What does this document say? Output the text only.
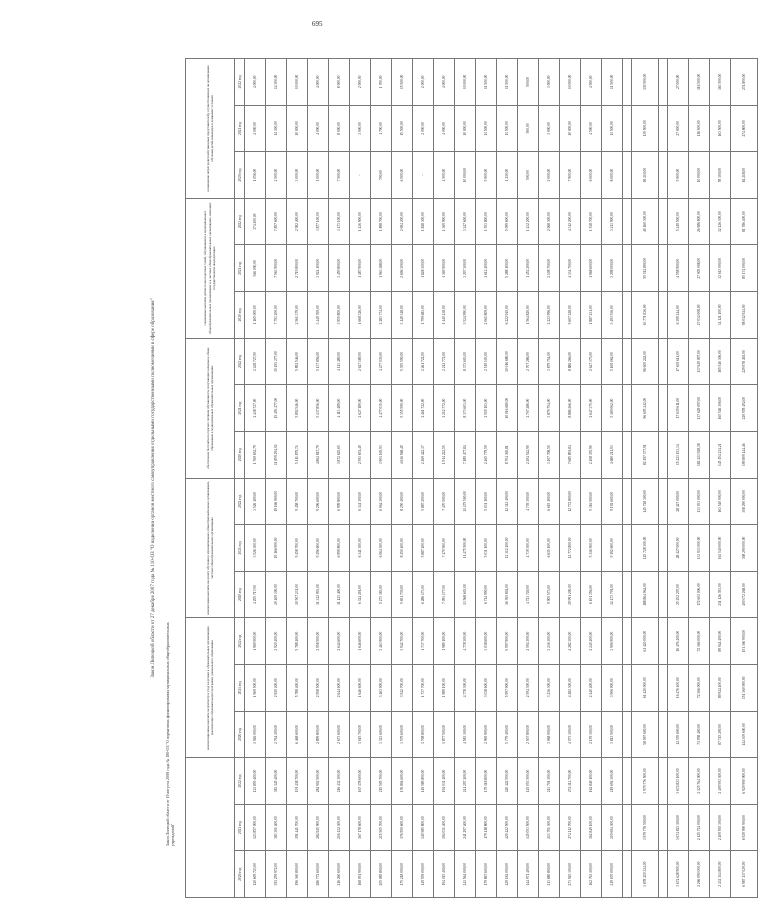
695
Закон Липецкой области от 27 декабря 2007 года № 110-ОЗ "О наделении органов местного самоуправления отдельными государственными полномочиями в сфере образования"
Закон Липецкой области от 19 августа 2008 года № 180-ОЗ "О нормативах финансирования муниципальных общеобразовательных учреждений"
			компенсационные выплаты за присмотр и уход за детьми в образовательных организациях, реализующих образовательную программу дошкольного образования			компенсация выплаты на оплату обучения в муниципальных общеобразовательных организациях, частных общеобразовательных организациях			обеспечение бесплатного горячего питания обучающихся, получающих начальное общее образование в муниципальных образовательных организациях			социальные выплаты детям из многодетных семей, обучающимся в муниципальных общеобразовательных организациях и в частных общеобразовательных организациях, имеющих государственную аккредитацию			возмещение затрат родителей (законных представителей), осуществляющих на организацию обучения детей-инвалидов в домашних условиях		
2020 год	2021 год	2022 год	2020 год	2021 год	2022 год	2020 год	2021 год	2022 год	2020 год	2021 год	2022 год	2020 год	2021 год	2022 год	2020 год	2021 год	2022 год
120 609 723,00	123 857 000,00	123 855 400,00	1 926 000,00	1 969 500,00	1 969 500,00	4 255 717,00	3 526 300,00	3 526 100,00	1 769 652,79	2 438 727,00	2 438 727,00	1 165 000,00	946 000,00	374 200,00	1 056,00	4 000,00	4 000,00
391 259 972,00	383 301 400,00	383 145 400,00	2 764 100,00	2 920 400,00	2 920 400,00	20 409 300,00	19 166 900,00	19 166 900,00	11 859 294,02	15 493 277,00	15 493 277,00	7 793 200,00	7 563 900,00	7 857 600,00	2 500,00	14 300,00	14 300,00
196 360 800,00	191 441 700,00	191 438 700,00	6 468 600,00	5 788 400,00	5 788 400,00	10 507 231,00	9 458 700,00	9 458 700,00	5 111 879,74	5 892 546,00	5 892 546,00	2 561 379,00	2 719 800,00	2 582 400,00	3 000,00	10 000,00	10 000,00
286 772 600,00	284 925 900,00	284 902 500,00	2 899 800,00	2 958 500,00	2 958 500,00	11 322 093,00	9 296 600,00	9 296 600,00	4 862 817,79	5 137 856,00	5 137 856,00	3 449 769,00	3 924 100,00	3 877 100,00	1 000,00	4 000,00	4 000,00
216 260 600,00	216 432 300,00	216 432 300,00	2 673 600,00	2 644 600,00	2 644 600,00	11 123 400,00	6 999 800,00	6 999 800,00	3 872 625,65	4 113 489,00	4 113 489,00	3 955 800,00	3 459 800,00	3 473 100,00	7 500,00	8 000,00	8 000,00
168 051 900,00	167 178 600,00	167 178 600,00	1 615 700,00	1 646 600,00	1 646 600,00	6 324 491,00	6 341 300,00	6 341 300,00	2 593 651,49	2 627 189,00	2 627 189,00	1 668 326,00	1 487 900,00	1 436 900,00	-	3 000,00	2 000,00
205 085 800,00	215 505 700,00	215 505 700,00	3 323 600,00	3 463 900,00	3 463 900,00	5 273 383,00	6 064 300,00	6 064 300,00	3 901 165,93	4 477 035,00	4 477 035,00	2 283 774,00	1 963 388,00	1 898 700,00	700,00	1 700,00	1 700,00
175 218 000,00	176 950 600,00	176 804 600,00	3 579 600,00	3 942 700,00	3 942 700,00	5 651 739,00	8 250 400,00	8 250 400,00	4 636 568,49	5 355 590,00	5 355 590,00	3 149 348,00	2 696 300,00	2 694 200,00	6 500,00	15 500,00	15 500,00
149 559 000,00	149 585 800,00	149 585 800,00	1 708 800,00	1 737 700,00	1 737 700,00	6 286 173,00	5 887 200,00	5 887 200,00	2 269 422,37	2 461 722,00	2 461 722,00	1 799 683,00	1 828 300,00	1 828 300,00	-	2 000,00	2 000,00
194 015 400,00	194 031 400,00	194 031 400,00	1 877 500,00	1 989 100,00	1 989 100,00	7 093 177,00	7 470 500,00	7 470 500,00	1 914 222,55	2 212 772,00	2 212 772,00	1 440 438,00	1 369 900,00	1 369 900,00	4 500,00	4 000,00	4 000,00
241 564 000,00	241 297 400,00	241 297 400,00	4 583 300,00	4 778 300,00	4 778 300,00	13 568 603,00	11 475 500,00	11 475 500,00	7 189 477,84	8 373 603,00	8 373 603,00	3 524 990,00	3 297 300,00	3 247 600,00	10 000,00	10 000,00	10 000,00
179 867 600,00	179 118 800,00	179 118 800,00	2 969 900,00	3 038 600,00	3 038 600,00	6 714 990,00	5 031 100,00	5 031 100,00	2 465 779,59	2 519 103,00	2 519 103,00	2 061 809,00	1 612 400,00	1 553 800,00	5 900,00	11 500,00	11 500,00
429 184 000,00	420 422 500,00	420 422 500,00	5 779 400,00	5 997 900,00	5 997 900,00	16 765 804,00	12 312 400,00	12 312 400,00	8 704 365,81	10 016 680,00	10 016 680,00	6 222 945,00	5 288 100,00	5 099 600,00	1 210,00	11 500,00	11 500,00
144 971 400,00	145 053 500,00	145 053 500,00	2 507 800,00	2 594 300,00	2 594 300,00	4 723 749,00	4 739 300,00	4 739 300,00	2 494 542,90	2 707 286,00	2 707 286,00	1 564 820,00	1 452 200,00	1 432 200,00	500,00	500,00	500,00
213 680 800,00	213 701 300,00	213 701 300,00	3 068 000,00	3 236 300,00	3 236 300,00	9 905 573,00	6 615 100,00	6 615 100,00	3 107 708,50	3 879 754,00	3 879 754,00	2 223 996,00	2 108 700,00	2 068 300,00	2 000,00	3 000,00	3 000,00
273 945 300,00	274 112 700,00	274 112 700,00	4 073 300,00	4 282 300,00	4 282 300,00	19 991 200,00	12 772 800,00	12 772 800,00	7 685 891,84	8 886 266,00	8 886 266,00	5 607 228,00	4 334 700,00	4 312 200,00	7 900,00	10 000,00	10 000,00
162 763 100,00	162 849 100,00	162 849 100,00	2 159 300,00	2 240 400,00	2 240 400,00	6 101 356,00	5 316 500,00	5 316 500,00	2 408 355,90	2 647 375,00	2 647 375,00	1 887 231,00	1 968 600,00	1 538 700,00	6 000,00	4 500,00	4 500,00
219 670 000,00	219 694 300,00	219 694 300,00	3 813 500,00	3 906 900,00	3 906 900,00	12 473 791,00	9 192 600,00	9 192 600,00	4 680 211,93	5 169 062,00	5 169 062,00	3 493 536,00	3 298 000,00	3 213 900,00	8 000,00	11 500,00	11 500,00

3 878 219 324,00	3 979 776 500,00	3 979 776 500,00	58 097 600,00	61 420 000,00	61 420 000,00	188 864 964,00	145 728 300,00	145 728 300,00	82 297 377,91	96 605 242,00	96 605 242,00	63 771 836,00	55 512 800,00	49 160 300,00	69 210,00	139 500,00	139 500,00

3 674 628 900,00	3 674 823 100,00	3 674 823 100,00	12 355 600,00	16 476 400,00	16 476 400,00	25 252 297,00	28 427 000,00	28 427 000,00	15 223 153,34	17 639 611,00	17 639 611,00	6 399 244,00	4 558 900,00	5 249 500,00	5 900,00	27 000,00	27 000,00
2 266 090 000,00	2 125 724 000,00	2 125 764 000,00	71 958 400,00	72 366 000,00	72 366 000,00	172 601 006,00	133 933 000,00	133 933 000,00	182 223 928,38	137 629 097,00	137 629 097,00	27 032 008,00	27 005 008,00	26 986 800,00	10 000,00	116 500,00	116 500,00
2 432 314 800,00	2 409 593 300,00	2 409 593 300,00	87 745 200,00	89 944 400,00	89 944 400,00	211 126 393,00	163 540 000,00	163 540 000,00	145 154 234,21	165 546 306,00	165 546 306,00	34 121 100,00	32 613 000,00	32 126 300,00	59 300,00	163 500,00	163 500,00
6 987 137 029,00	6 929 990 900,00	6 929 990 900,00	144 309 600,00	151 360 900,00	151 360 900,00	400 072 268,00	308 290 000,00	308 290 000,00	199 809 444,46	229 978 492,00	229 978 492,00	98 012 924,00	85 174 000,00	81 786 400,00	84 218,00	274 800,00	274 800,00
